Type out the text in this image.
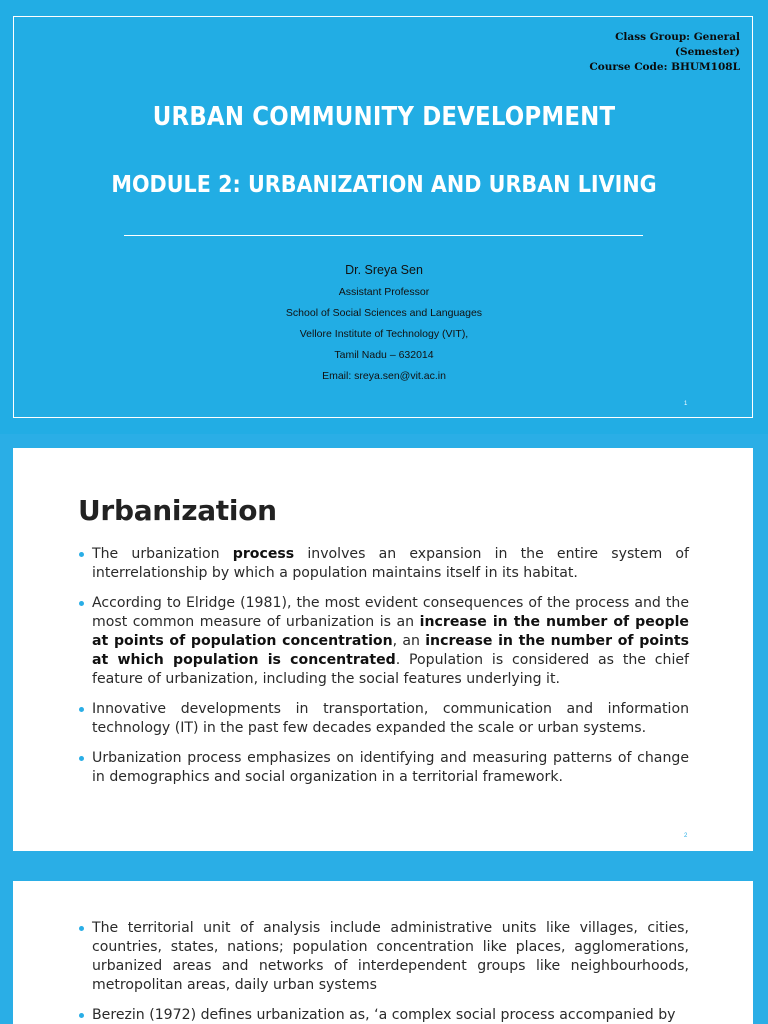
Class Group: General
(Semester)
Course Code: BHUM108L
URBAN COMMUNITY DEVELOPMENT
MODULE 2: URBANIZATION AND URBAN LIVING
Dr. Sreya Sen
Assistant Professor
School of Social Sciences and Languages
Vellore Institute of Technology (VIT),
Tamil Nadu – 632014
Email: sreya.sen@vit.ac.in
1
Urbanization
The urbanization process involves an expansion in the entire system of interrelationship by which a population maintains itself in its habitat.
According to Elridge (1981), the most evident consequences of the process and the most common measure of urbanization is an increase in the number of people at points of population concentration, an increase in the number of points at which population is concentrated. Population is considered as the chief feature of urbanization, including the social features underlying it.
Innovative developments in transportation, communication and information technology (IT) in the past few decades expanded the scale or urban systems.
Urbanization process emphasizes on identifying and measuring patterns of change in demographics and social organization in a territorial framework.
2
The territorial unit of analysis include administrative units like villages, cities, countries, states, nations; population concentration like places, agglomerations, urbanized areas and networks of interdependent groups like neighbourhoods, metropolitan areas, daily urban systems
Berezin (1972) defines urbanization as, ‘a complex social process accompanied by
